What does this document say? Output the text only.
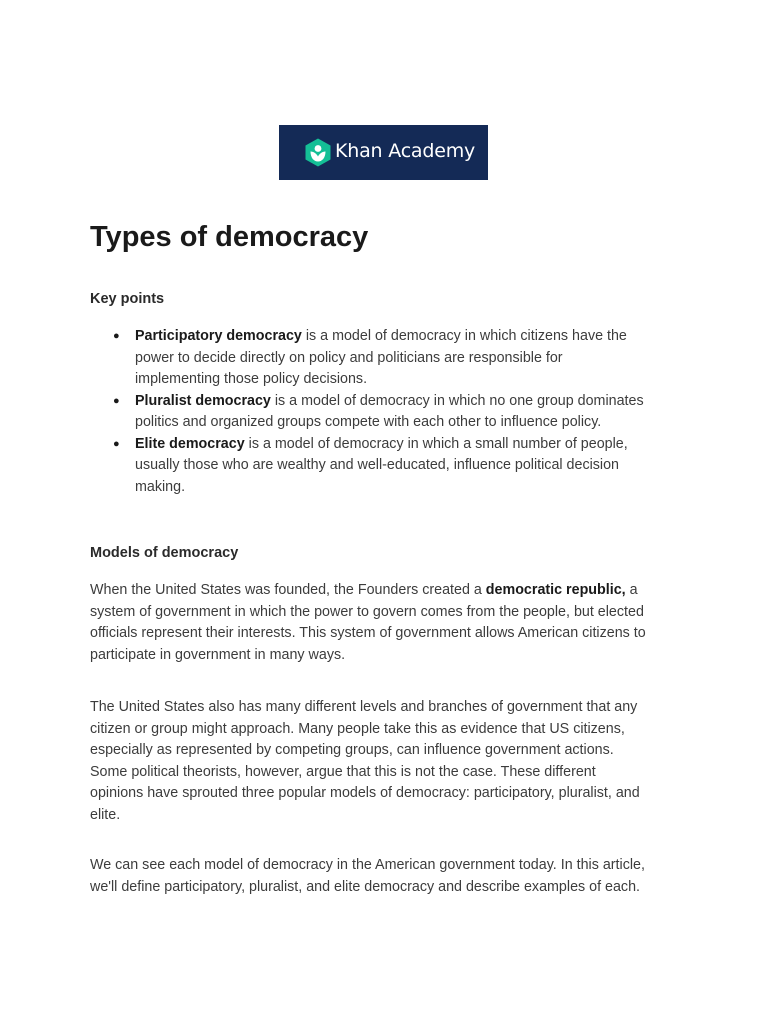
Khan Academy
Types of democracy
Key points
● Participatory democracy is a model of democracy in which citizens have the
power to decide directly on policy and politicians are responsible for
implementing those policy decisions.
● Pluralist democracy is a model of democracy in which no one group dominates
politics and organized groups compete with each other to influence policy.
● Elite democracy is a model of democracy in which a small number of people,
usually those who are wealthy and well-educated, influence political decision
making.
Models of democracy

When the United States was founded, the Founders created a democratic republic, a
system of government in which the power to govern comes from the people, but elected
officials represent their interests. This system of government allows American citizens to
participate in government in many ways.

The United States also has many different levels and branches of government that any
citizen or group might approach. Many people take this as evidence that US citizens,
especially as represented by competing groups, can influence government actions.
Some political theorists, however, argue that this is not the case. These different
opinions have sprouted three popular models of democracy: participatory, pluralist, and
elite.

We can see each model of democracy in the American government today. In this article,
we'll define participatory, pluralist, and elite democracy and describe examples of each.
